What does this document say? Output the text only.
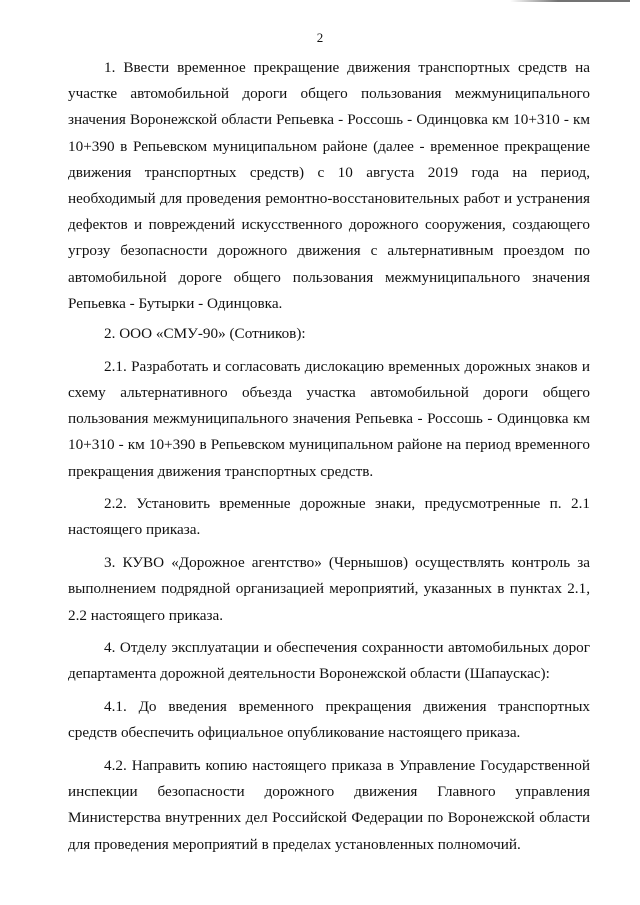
2

1. Ввести временное прекращение движения транспортных средств на участке автомобильной дороги общего пользования межмуниципального значения Воронежской области Репьевка - Россошь - Одинцовка км 10+310 - км 10+390 в Репьевском муниципальном районе (далее - временное прекращение движения транспортных средств) с 10 августа 2019 года на период, необходимый для проведения ремонтно-восстановительных работ и устранения дефектов и повреждений искусственного дорожного сооружения, создающего угрозу безопасности дорожного движения с альтернативным проездом по автомобильной дороге общего пользования межмуниципального значения Репьевка - Бутырки - Одинцовка.

2. ООО «СМУ-90» (Сотников):

2.1. Разработать и согласовать дислокацию временных дорожных знаков и схему альтернативного объезда участка автомобильной дороги общего пользования межмуниципального значения Репьевка - Россошь - Одинцовка км 10+310 - км 10+390 в Репьевском муниципальном районе на период временного прекращения движения транспортных средств.

2.2. Установить временные дорожные знаки, предусмотренные п. 2.1 настоящего приказа.

3. КУВО «Дорожное агентство» (Чернышов) осуществлять контроль за выполнением подрядной организацией мероприятий, указанных в пунктах 2.1, 2.2 настоящего приказа.

4. Отделу эксплуатации и обеспечения сохранности автомобильных дорог департамента дорожной деятельности Воронежской области (Шапаускас):

4.1. До введения временного прекращения движения транспортных средств обеспечить официальное опубликование настоящего приказа.

4.2. Направить копию настоящего приказа в Управление Государственной инспекции безопасности дорожного движения Главного управления Министерства внутренних дел Российской Федерации по Воронежской области для проведения мероприятий в пределах установленных полномочий.
